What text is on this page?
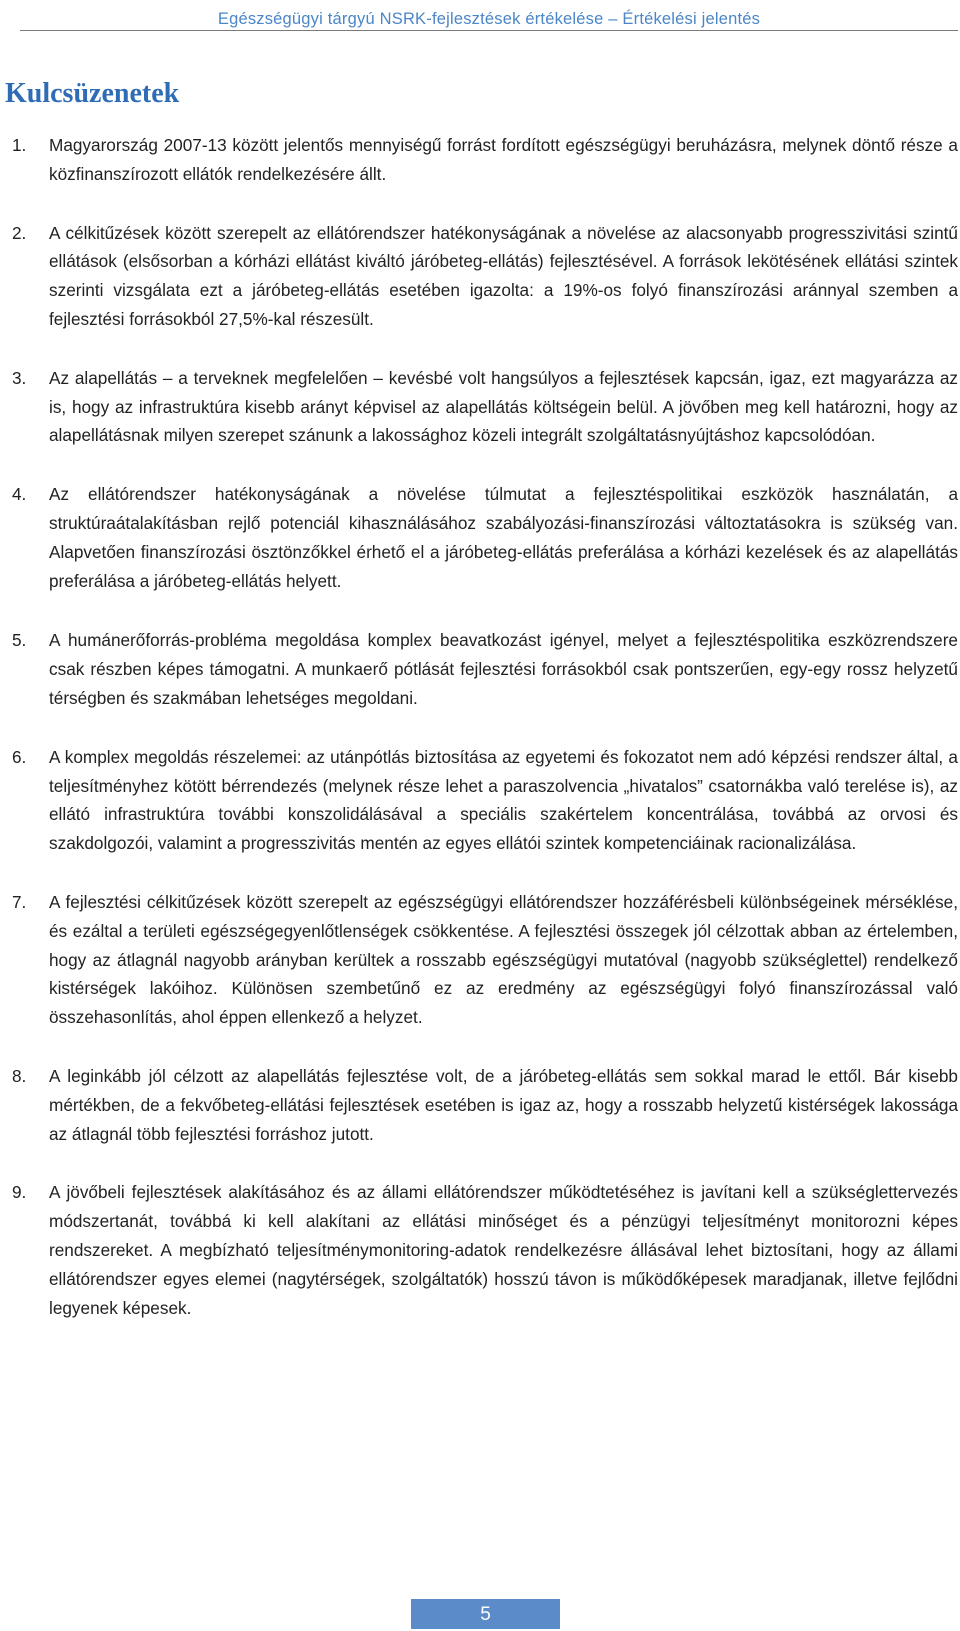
Egészségügyi tárgyú NSRK-fejlesztések értékelése – Értékelési jelentés
Kulcsüzenetek
1.	Magyarország 2007-13 között jelentős mennyiségű forrást fordított egészségügyi beruházásra, melynek döntő része a közfinanszírozott ellátók rendelkezésére állt.
2.	A célkitűzések között szerepelt az ellátórendszer hatékonyságának a növelése az alacsonyabb progresszivitási szintű ellátások (elsősorban a kórházi ellátást kiváltó járóbeteg-ellátás) fejlesztésével. A források lekötésének ellátási szintek szerinti vizsgálata ezt a járóbeteg-ellátás esetében igazolta: a 19%-os folyó finanszírozási aránnyal szemben a fejlesztési forrásokból 27,5%-kal részesült.
3.	Az alapellátás – a terveknek megfelelően – kevésbé volt hangsúlyos a fejlesztések kapcsán, igaz, ezt magyarázza az is, hogy az infrastruktúra kisebb arányt képvisel az alapellátás költségein belül. A jövőben meg kell határozni, hogy az alapellátásnak milyen szerepet szánunk a lakossághoz közeli integrált szolgáltatásnyújtáshoz kapcsolódóan.
4.	Az ellátórendszer hatékonyságának a növelése túlmutat a fejlesztéspolitikai eszközök használatán, a struktúraátalakításban rejlő potenciál kihasználásához szabályozási-finanszírozási változtatásokra is szükség van. Alapvetően finanszírozási ösztönzőkkel érhető el a járóbeteg-ellátás preferálása a kórházi kezelések és az alapellátás preferálása a járóbeteg-ellátás helyett.
5.	A humánerőforrás-probléma megoldása komplex beavatkozást igényel, melyet a fejlesztéspolitika eszközrendszere csak részben képes támogatni. A munkaerő pótlását fejlesztési forrásokból csak pontszerűen, egy-egy rossz helyzetű térségben és szakmában lehetséges megoldani.
6.	A komplex megoldás részelemei: az utánpótlás biztosítása az egyetemi és fokozatot nem adó képzési rendszer által, a teljesítményhez kötött bérrendezés (melynek része lehet a paraszolvencia „hivatalos” csatornákba való terelése is), az ellátó infrastruktúra további konszolidálásával a speciális szakértelem koncentrálása, továbbá az orvosi és szakdolgozói, valamint a progresszivitás mentén az egyes ellátói szintek kompetenciáinak racionalizálása.
7.	A fejlesztési célkitűzések között szerepelt az egészségügyi ellátórendszer hozzáférésbeli különbségeinek mérséklése, és ezáltal a területi egészségegyenlőtlenségek csökkentése. A fejlesztési összegek jól célzottak abban az értelemben, hogy az átlagnál nagyobb arányban kerültek a rosszabb egészségügyi mutatóval (nagyobb szükséglettel) rendelkező kistérségek lakóihoz. Különösen szembetűnő ez az eredmény az egészségügyi folyó finanszírozással való összehasonlítás, ahol éppen ellenkező a helyzet.
8.	A leginkább jól célzott az alapellátás fejlesztése volt, de a járóbeteg-ellátás sem sokkal marad le ettől. Bár kisebb mértékben, de a fekvőbeteg-ellátási fejlesztések esetében is igaz az, hogy a rosszabb helyzetű kistérségek lakossága az átlagnál több fejlesztési forráshoz jutott.
9.	A jövőbeli fejlesztések alakításához és az állami ellátórendszer működtetéséhez is javítani kell a szükséglettervezés módszertanát, továbbá ki kell alakítani az ellátási minőséget és a pénzügyi teljesítményt monitorozni képes rendszereket. A megbízható teljesítménymonitoring-adatok rendelkezésre állásával lehet biztosítani, hogy az állami ellátórendszer egyes elemei (nagytérségek, szolgáltatók) hosszú távon is működőképesek maradjanak, illetve fejlődni legyenek képesek.
5
